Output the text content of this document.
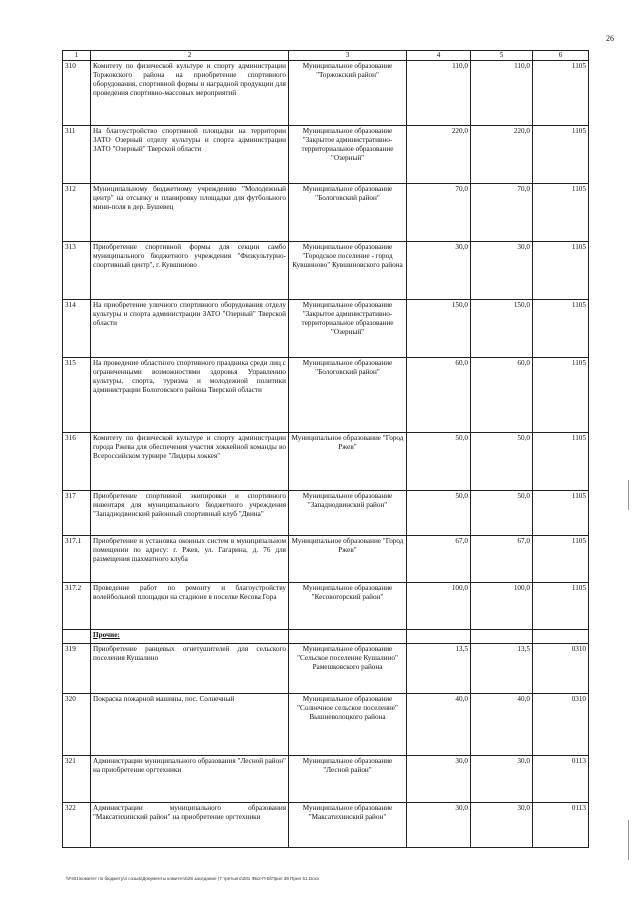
26
1	2	3	4	5	6
310	Комитету по физической культуре и спорту администрации Торжокского района на приобретение спортивного оборудования, спортивной формы и наградной продукции для проведения спортивно-массовых мероприятий	Муниципальное образование "Торжокский район"	110,0	110,0	1105
311	На благоустройство спортивной площадки на территории ЗАТО Озерный отделу культуры и спорта администрации ЗАТО "Озерный" Тверской области	Муниципальное образование "Закрытое административно-территориальное образование "Озерный"	220,0	220,0	1105
312	Муниципальному бюджетному учреждению "Молодежный центр" на отсыпку и планировку площадки для футбольного мини-поля в дер. Бушевец	Муниципальное образование "Бологовский район"	70,0	70,0	1105
313	Приобретение спортивной формы для секции самбо муниципального бюджетного учреждения "Физкультурно-спортивный центр", г. Кувшиново	Муниципальное образование "Городское поселение - город Кувшиново" Кувшиновского района	30,0	30,0	1105
314	На приобретение уличного спортивного оборудования отделу культуры и спорта администрации ЗАТО "Озерный" Тверской области	Муниципальное образование "Закрытое административно-территориальное образование "Озерный"	150,0	150,0	1105
315	На проведение областного спортивного праздника среди лиц с ограниченными возможностями здоровья Управлению культуры, спорта, туризма и молодежной политики администрации Бологовского района Тверской области	Муниципальное образование "Бологовский район"	60,0	60,0	1105
316	Комитету по физической культуре и спорту администрации города Ржева для обеспечения участия хоккейной команды во Всероссийском турнире "Лидеры хоккея"	Муниципальное образование "Город Ржев"	50,0	50,0	1105
317	Приобретение спортивной экипировки и спортивного инвентаря для муниципального бюджетного учреждения "Западнодвинский районный спортивный клуб "Двина"	Муниципальное образование "Западнодвинский район"	50,0	50,0	1105
317.1	Приобретение и установка оконных систем в муниципальном помещении по адресу: г. Ржев, ул. Гагарина, д. 76 для размещения шахматного клуба	Муниципальное образование "Город Ржев"	67,0	67,0	1105
317.2	Проведение работ по ремонту и благоустройству волейбольной площадки на стадионе в поселке Кесова Гора	Муниципальное образование "Кесовогорский район"	100,0	100,0	1105
	Прочие:				
319	Приобретение ранцевых огнетушителей для сельского поселения Кушалино	Муниципальное образование "Сельское поселение Кушалино" Рамешковского района	13,5	13,5	0310
320	Покраска пожарной машины, пос. Солнечный	Муниципальное образование "Солнечное сельское поселение" Вышневолоцкого района	40,0	40,0	0310
321	Администрации муниципального образования "Лесной район" на приобретение оргтехники	Муниципальное образование "Лесной район"	30,0	30,0	0113
322	Администрации муниципального образования "Максатихинский район" на приобретение оргтехники	Муниципальное образование "Максатихинский район"	30,0	30,0	0113
\\Fs01\комитет по бюджету\4 созыв\Документы комитета\28 заседание (7 третьего\281 ФБ2-П-Б\Прил 39 Прил 51.Docx
